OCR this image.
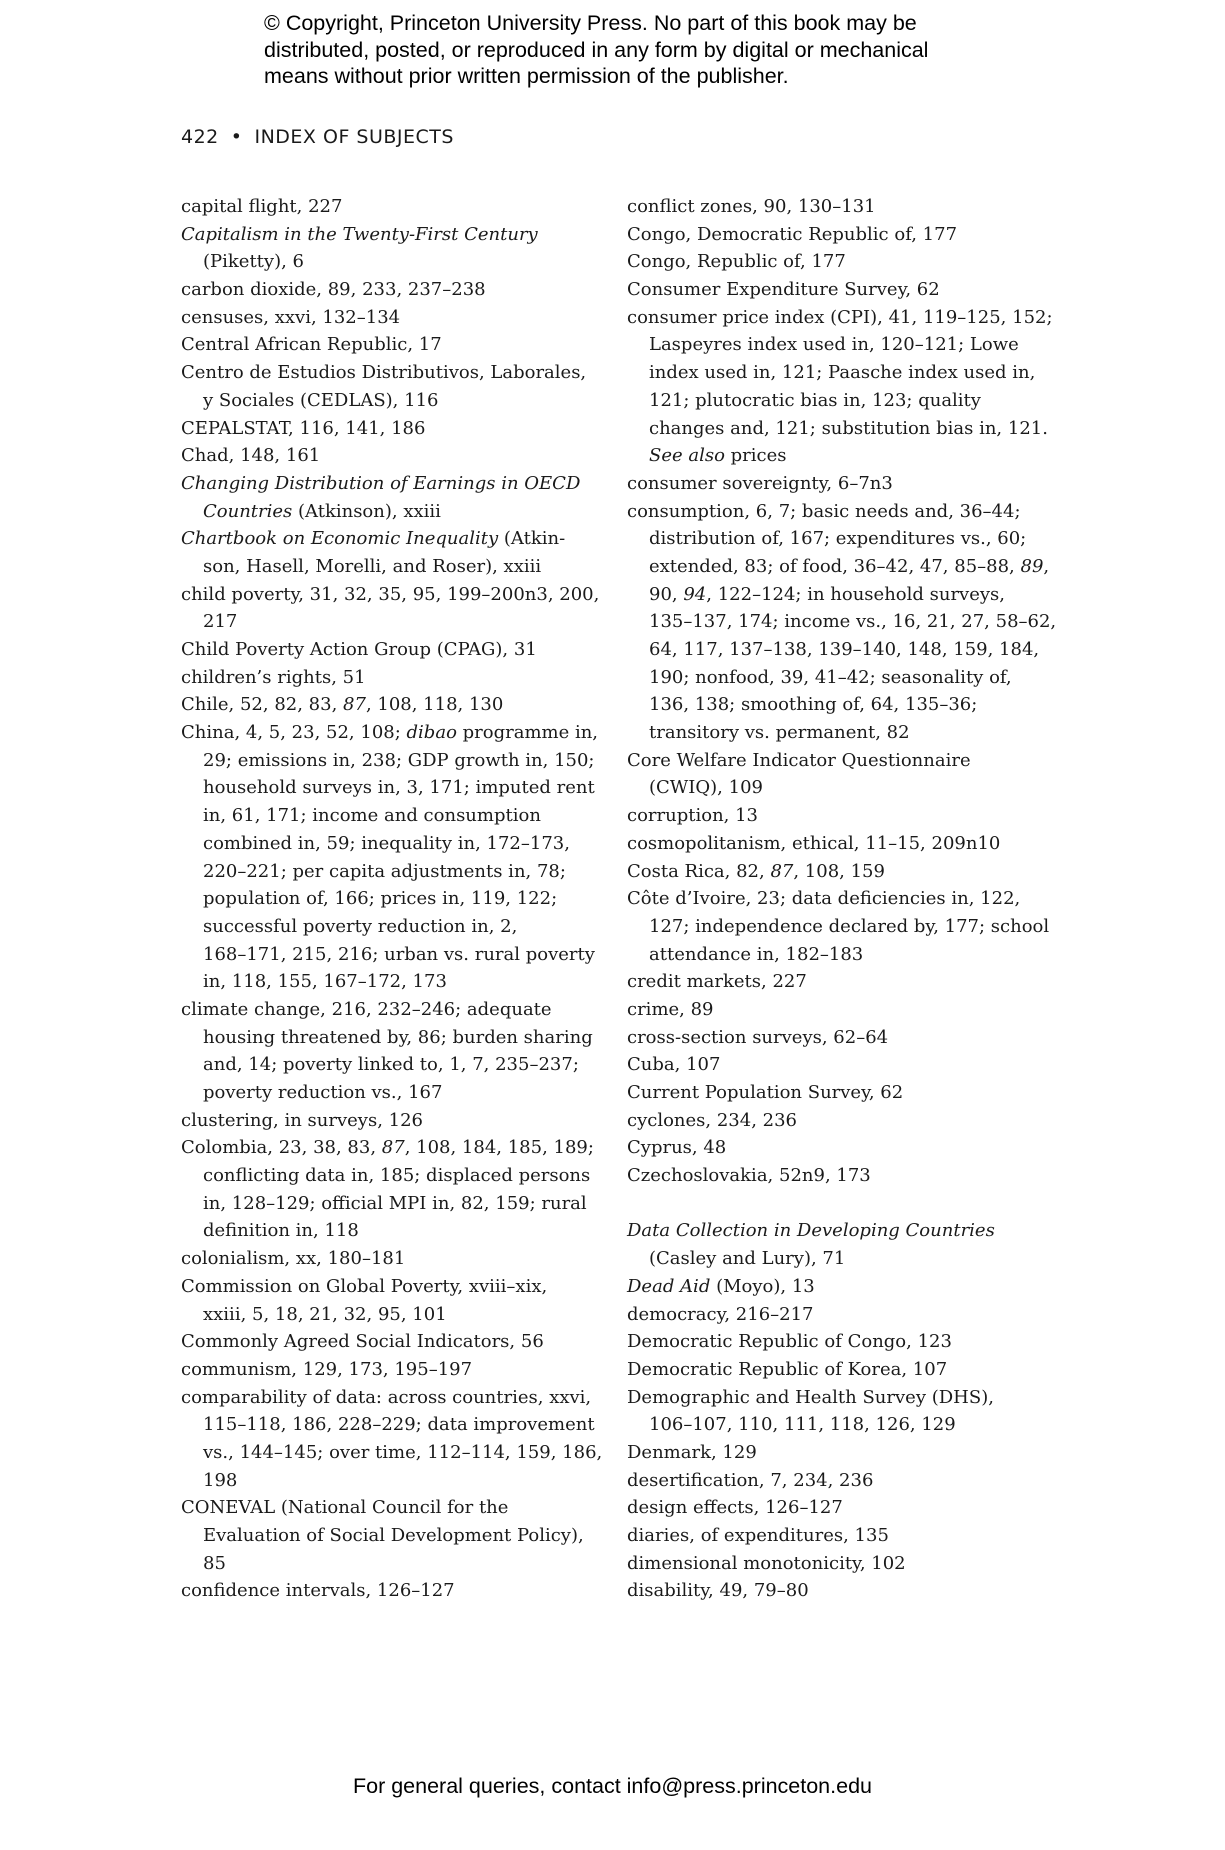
© Copyright, Princeton University Press. No part of this book may be
distributed, posted, or reproduced in any form by digital or mechanical
means without prior written permission of the publisher.
422 • INDEX OF SUBJECTS
capital flight, 227
Capitalism in the Twenty-First Century
(Piketty), 6
carbon dioxide, 89, 233, 237–238
censuses, xxvi, 132–134
Central African Republic, 17
Centro de Estudios Distributivos, Laborales,
y Sociales (CEDLAS), 116
CEPALSTAT, 116, 141, 186
Chad, 148, 161
Changing Distribution of Earnings in OECD
Countries (Atkinson), xxiii
Chartbook on Economic Inequality (Atkin-
son, Hasell, Morelli, and Roser), xxiii
child poverty, 31, 32, 35, 95, 199–200n3, 200,
217
Child Poverty Action Group (CPAG), 31
children’s rights, 51
Chile, 52, 82, 83, 87, 108, 118, 130
China, 4, 5, 23, 52, 108; dibao programme in,
29; emissions in, 238; GDP growth in, 150;
household surveys in, 3, 171; imputed rent
in, 61, 171; income and consumption
combined in, 59; inequality in, 172–173,
220–221; per capita adjustments in, 78;
population of, 166; prices in, 119, 122;
successful poverty reduction in, 2,
168–171, 215, 216; urban vs. rural poverty
in, 118, 155, 167–172, 173
climate change, 216, 232–246; adequate
housing threatened by, 86; burden sharing
and, 14; poverty linked to, 1, 7, 235–237;
poverty reduction vs., 167
clustering, in surveys, 126
Colombia, 23, 38, 83, 87, 108, 184, 185, 189;
conflicting data in, 185; displaced persons
in, 128–129; official MPI in, 82, 159; rural
definition in, 118
colonialism, xx, 180–181
Commission on Global Poverty, xviii–xix,
xxiii, 5, 18, 21, 32, 95, 101
Commonly Agreed Social Indicators, 56
communism, 129, 173, 195–197
comparability of data: across countries, xxvi,
115–118, 186, 228–229; data improvement
vs., 144–145; over time, 112–114, 159, 186,
198
CONEVAL (National Council for the
Evaluation of Social Development Policy),
85
confidence intervals, 126–127
conflict zones, 90, 130–131
Congo, Democratic Republic of, 177
Congo, Republic of, 177
Consumer Expenditure Survey, 62
consumer price index (CPI), 41, 119–125, 152;
Laspeyres index used in, 120–121; Lowe
index used in, 121; Paasche index used in,
121; plutocratic bias in, 123; quality
changes and, 121; substitution bias in, 121.
See also prices
consumer sovereignty, 6–7n3
consumption, 6, 7; basic needs and, 36–44;
distribution of, 167; expenditures vs., 60;
extended, 83; of food, 36–42, 47, 85–88, 89,
90, 94, 122–124; in household surveys,
135–137, 174; income vs., 16, 21, 27, 58–62,
64, 117, 137–138, 139–140, 148, 159, 184,
190; nonfood, 39, 41–42; seasonality of,
136, 138; smoothing of, 64, 135–36;
transitory vs. permanent, 82
Core Welfare Indicator Questionnaire
(CWIQ), 109
corruption, 13
cosmopolitanism, ethical, 11–15, 209n10
Costa Rica, 82, 87, 108, 159
Côte d’Ivoire, 23; data deficiencies in, 122,
127; independence declared by, 177; school
attendance in, 182–183
credit markets, 227
crime, 89
cross-section surveys, 62–64
Cuba, 107
Current Population Survey, 62
cyclones, 234, 236
Cyprus, 48
Czechoslovakia, 52n9, 173
Data Collection in Developing Countries
(Casley and Lury), 71
Dead Aid (Moyo), 13
democracy, 216–217
Democratic Republic of Congo, 123
Democratic Republic of Korea, 107
Demographic and Health Survey (DHS),
106–107, 110, 111, 118, 126, 129
Denmark, 129
desertification, 7, 234, 236
design effects, 126–127
diaries, of expenditures, 135
dimensional monotonicity, 102
disability, 49, 79–80
For general queries, contact info@press.princeton.edu
